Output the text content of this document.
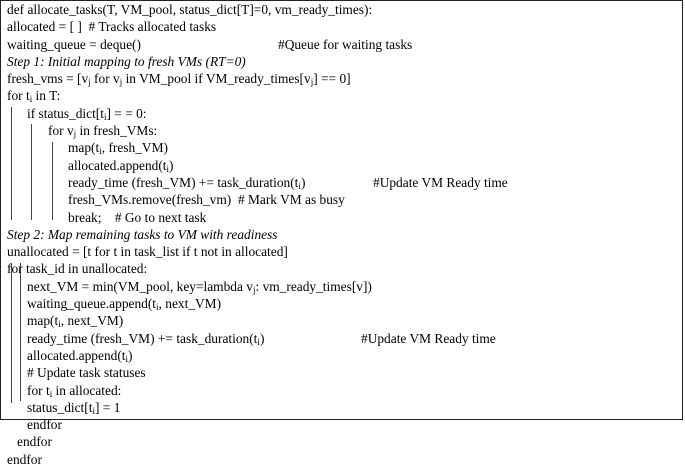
def allocate_tasks(T, VM_pool, status_dict[T]=0, vm_ready_times):
allocated = [ ]  # Tracks allocated tasks
waiting_queue = deque()	#Queue for waiting tasks
Step 1: Initial mapping to fresh VMs (RT=0)
fresh_vms = [$v_j$ for $v_j$ in VM_pool if $VM\_ready\_times[v_j] == 0$]
for $t_i$ in T:
if $status\_dict[t_i]$ = = 0:
for $v_j$ in fresh_VMs:
$map(t_i$, fresh_VM)
$allocated.append(t_i)$
ready_time (fresh_VM) += $task\_duration(t_i)$	#Update VM Ready time
fresh_VMs.remove(fresh_vm)  # Mark VM as busy
break;    # Go to next task
Step 2: Map remaining tasks to VM with readiness
unallocated = [t for t in task_list if t not in allocated]
for task_id in unallocated:
next_VM = min(VM_pool, key=lambda $v_j$: vm_ready_times[v])
$waiting\_queue.append(t_i$, next_VM)
$map(t_i$, next_VM)
ready_time (fresh_VM) += $task\_duration(t_i)$	#Update VM Ready time
$allocated.append(t_i)$
# Update task statuses
for $t_i$ in allocated:
$status\_dict[t_i] = 1$
endfor
endfor
endfor
